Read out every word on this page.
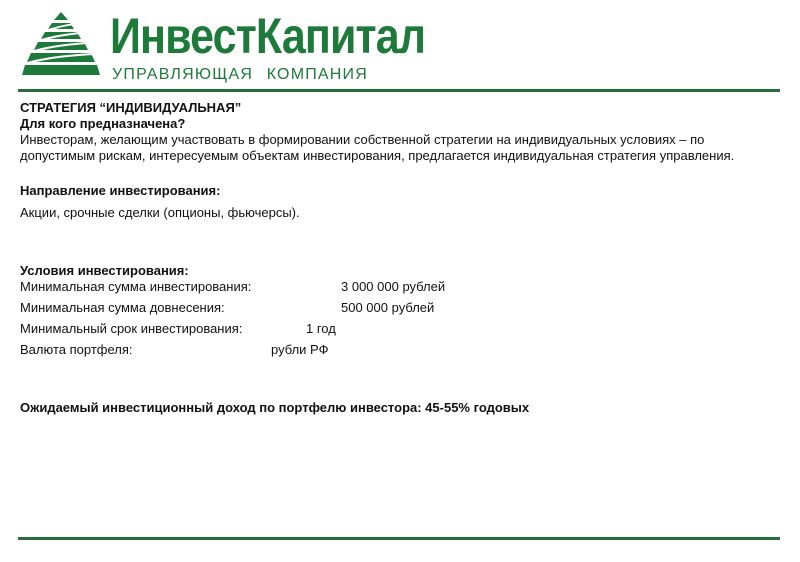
ИнвестКапитал
УПРАВЛЯЮЩАЯ КОМПАНИЯ

СТРАТЕГИЯ “ИНДИВИДУАЛЬНАЯ”

Для кого предназначена?

Инвесторам, желающим участвовать в формировании собственной стратегии на индивидуальных условиях – по допустимым рискам, интересуемым объектам инвестирования, предлагается индивидуальная стратегия управления.

Направление инвестирования:

Акции, срочные сделки (опционы, фьючерсы).

Условия инвестирования:

Минимальная сумма инвестирования:	3 000 000 рублей
Минимальная сумма довнесения:	500 000 рублей
Минимальный срок инвестирования:	1 год
Валюта портфеля:	рубли РФ

Ожидаемый инвестиционный доход по портфелю инвестора: 45-55% годовых
